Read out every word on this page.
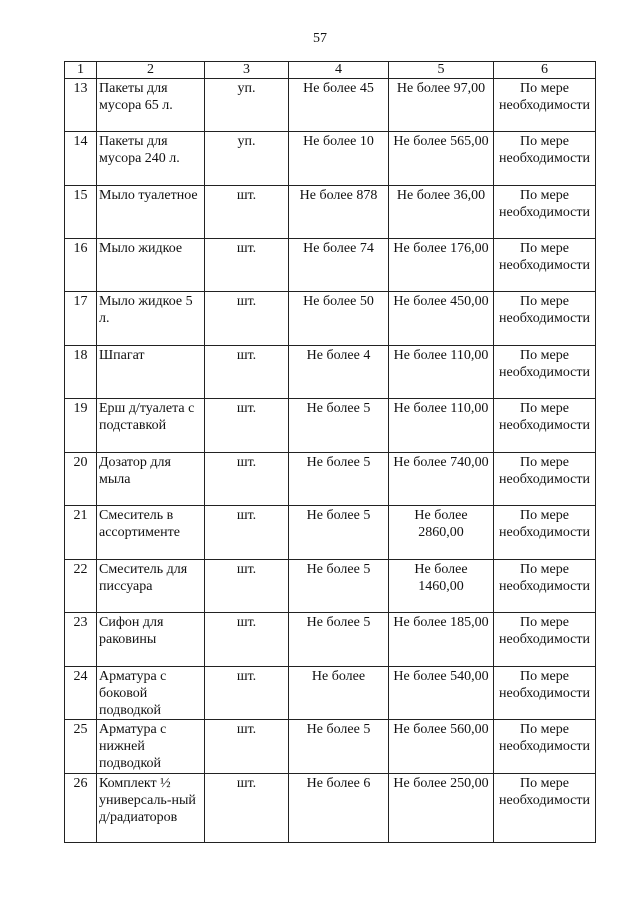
57
1	2	3	4	5	6
13	Пакеты для мусора 65 л.	уп.	Не более 45	Не более 97,00	По мере необходимости
14	Пакеты для мусора 240 л.	уп.	Не более 10	Не более 565,00	По мере необходимости
15	Мыло туалетное	шт.	Не более 878	Не более 36,00	По мере необходимости
16	Мыло жидкое	шт.	Не более 74	Не более 176,00	По мере необходимости
17	Мыло жидкое 5 л.	шт.	Не более 50	Не более 450,00	По мере необходимости
18	Шпагат	шт.	Не более 4	Не более 110,00	По мере необходимости
19	Ерш д/туалета с подставкой	шт.	Не более 5	Не более 110,00	По мере необходимости
20	Дозатор для мыла	шт.	Не более 5	Не более 740,00	По мере необходимости
21	Смеситель в ассортименте	шт.	Не более 5	Не более 2860,00	По мере необходимости
22	Смеситель для писсуара	шт.	Не более 5	Не более 1460,00	По мере необходимости
23	Сифон для раковины	шт.	Не более 5	Не более 185,00	По мере необходимости
24	Арматура с боковой подводкой	шт.	Не более	Не более 540,00	По мере необходимости
25	Арматура с нижней подводкой	шт.	Не более 5	Не более 560,00	По мере необходимости
26	Комплект ½ универсаль-ный д/радиаторов	шт.	Не более 6	Не более 250,00	По мере необходимости
